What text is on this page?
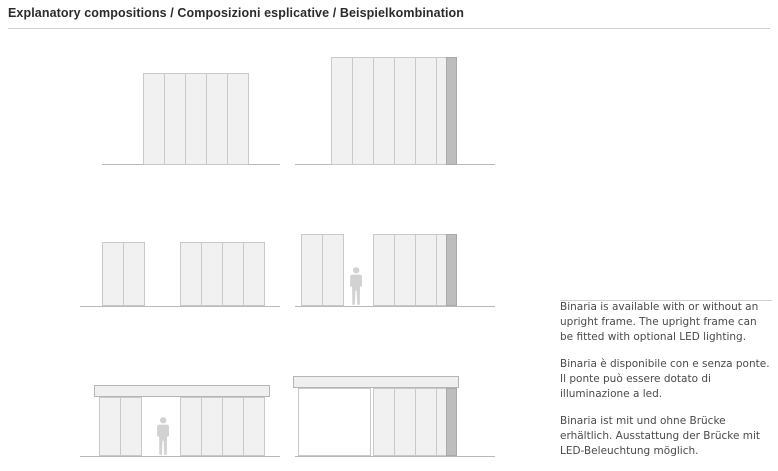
Explanatory compositions / Composizioni esplicative / Beispielkombination

Binaria is available with or without an upright frame. The upright frame can be fitted with optional LED lighting.

Binaria è disponibile con e senza ponte. Il ponte può essere dotato di illuminazione a led.

Binaria ist mit und ohne Brücke erhältlich. Ausstattung der Brücke mit LED-Beleuchtung möglich.
